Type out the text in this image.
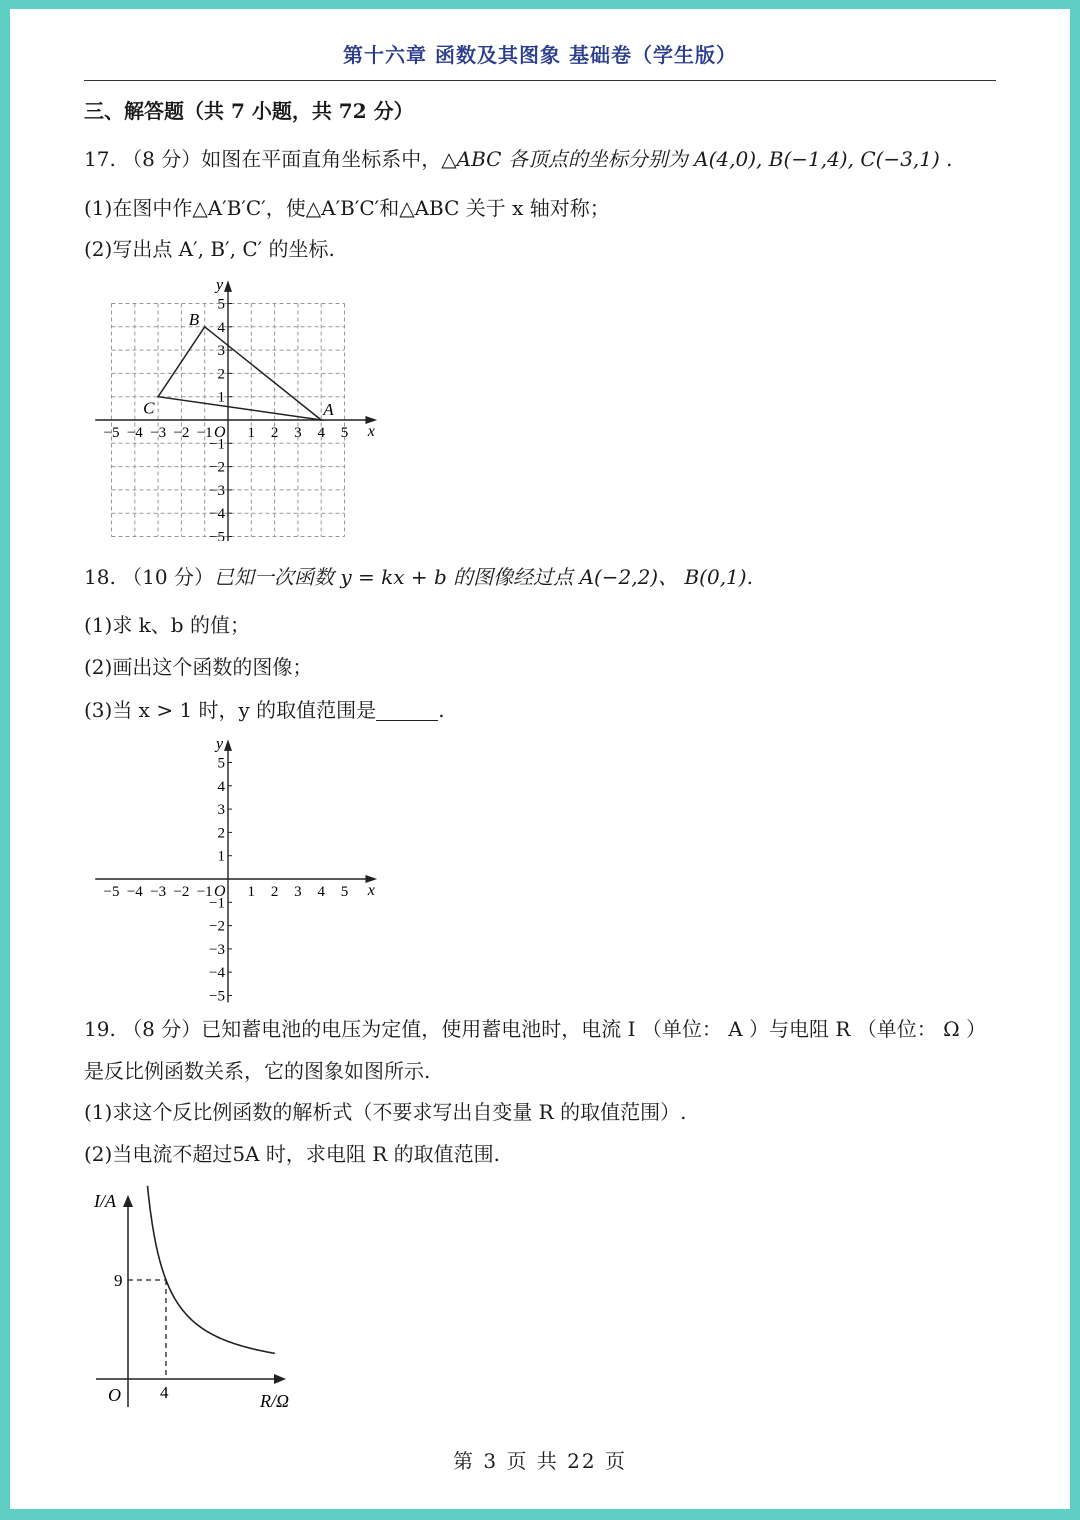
第十六章 函数及其图象 基础卷（学生版）
三、解答题（共 7 小题，共 72 分）
17. （8 分）如图在平面直角坐标系中，△ABC 各顶点的坐标分别为 A(4,0), B(−1,4), C(−3,1) .
(1)在图中作△A′B′C′，使△A′B′C′和△ABC 关于 x 轴对称；
(2)写出点 A′, B′, C′ 的坐标.
−5 −4 −3 −2 −1 1 2 3 4 5
5
4
3
2
1
−1
−2
−3
−4
−5
O	x
y
A
B
C
18. （10 分）已知一次函数 y = kx + b 的图像经过点 A(−2,2)、 B(0,1).
(1)求 k、b 的值；
(2)画出这个函数的图像；
(3)当 x > 1 时，y 的取值范围是	.
−5 −4 −3 −2 −1 1 2 3 4 5
5
4
3
2
1
−1
−2
−3
−4
−5
O	x
y
19. （8 分）已知蓄电池的电压为定值，使用蓄电池时，电流 I （单位： A ）与电阻 R （单位： Ω ）
是反比例函数关系，它的图象如图所示.
(1)求这个反比例函数的解析式（不要求写出自变量 R 的取值范围）.
(2)当电流不超过5A 时，求电阻 R 的取值范围.
9
4
O
I/A
R/Ω
第 3 页 共 22 页
